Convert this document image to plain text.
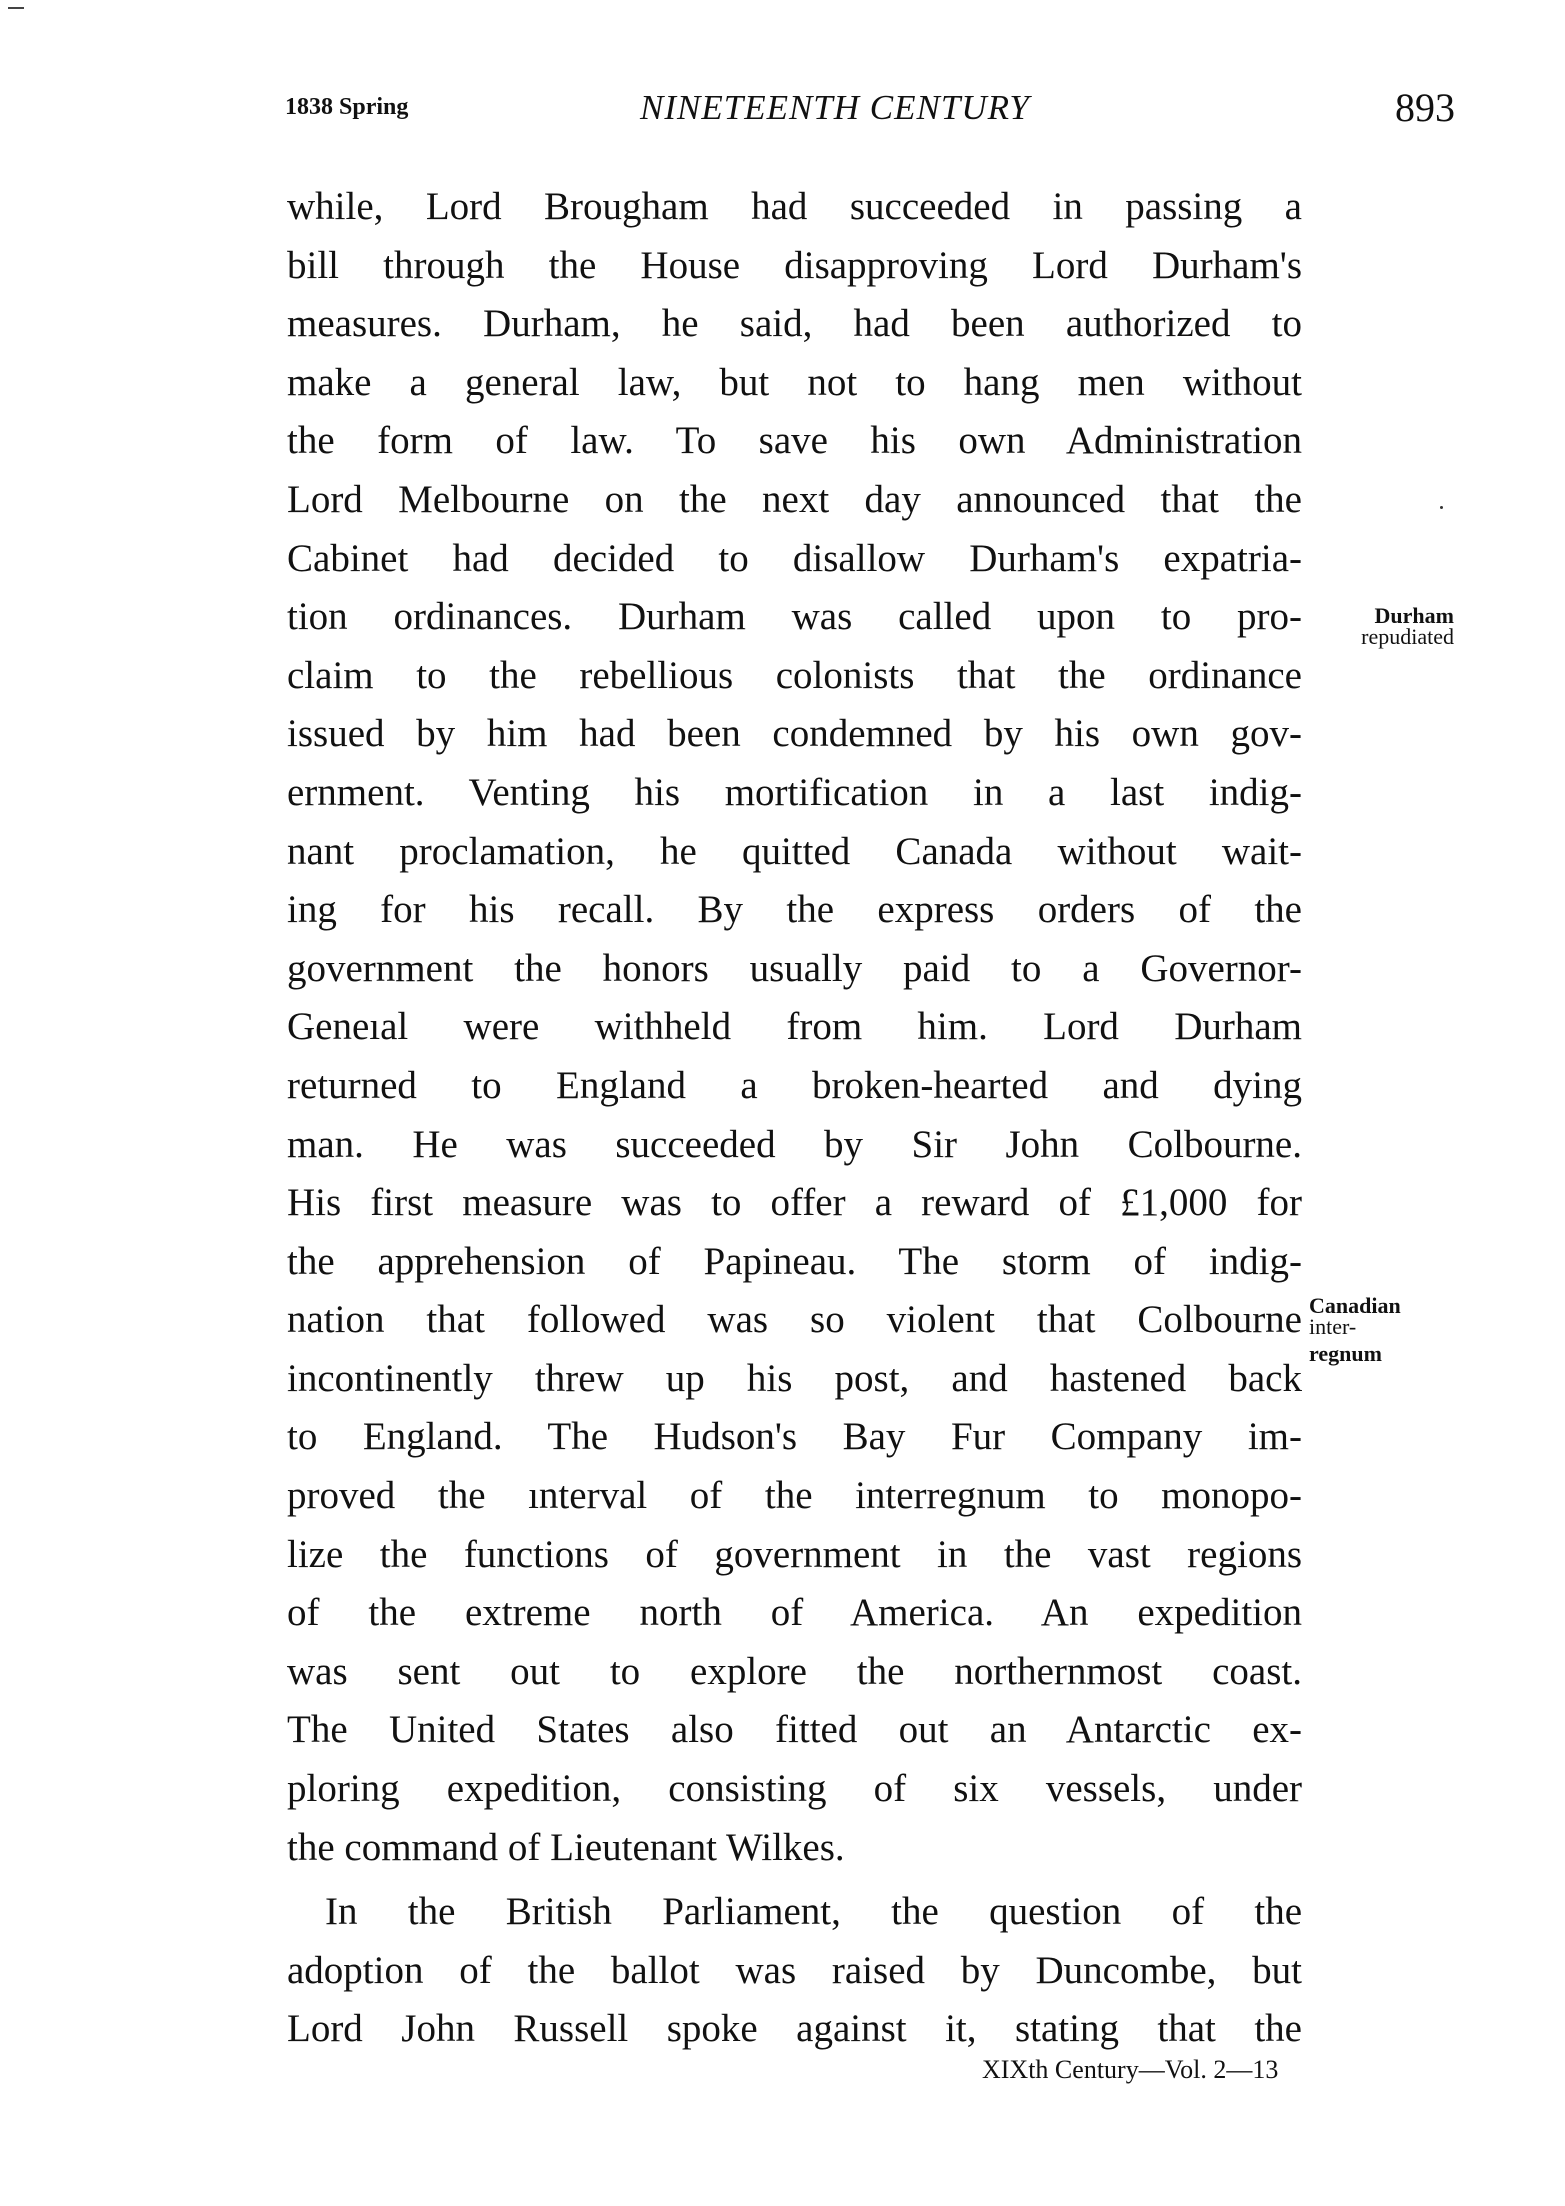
1838 Spring	NINETEENTH CENTURY	893
while, Lord Brougham had succeeded in passing a
bill through the House disapproving Lord Durham's
measures. Durham, he said, had been authorized to
make a general law, but not to hang men without
the form of law. To save his own Administration
Lord Melbourne on the next day announced that the
Cabinet had decided to disallow Durham's expatria-
tion ordinances. Durham was called upon to pro-
claim to the rebellious colonists that the ordinance
issued by him had been condemned by his own gov-
ernment. Venting his mortification in a last indig-
nant proclamation, he quitted Canada without wait-
ing for his recall. By the express orders of the
government the honors usually paid to a Governor-
Geneıal were withheld from him. Lord Durham
returned to England a broken-hearted and dying
man. He was succeeded by Sir John Colbourne.
His first measure was to offer a reward of £1,000 for
the apprehension of Papineau. The storm of indig-
nation that followed was so violent that Colbourne
incontinently threw up his post, and hastened back
to England. The Hudson's Bay Fur Company im-
proved the ınterval of the interregnum to monopo-
lize the functions of government in the vast regions
of the extreme north of America. An expedition
was sent out to explore the northernmost coast.
The United States also fitted out an Antarctic ex-
ploring expedition, consisting of six vessels, under
the command of Lieutenant Wilkes.
In the British Parliament, the question of the
adoption of the ballot was raised by Duncombe, but
Lord John Russell spoke against it, stating that the
Durham
repudiated
Canadian
inter-
regnum
XIXth Century—Vol. 2—13
